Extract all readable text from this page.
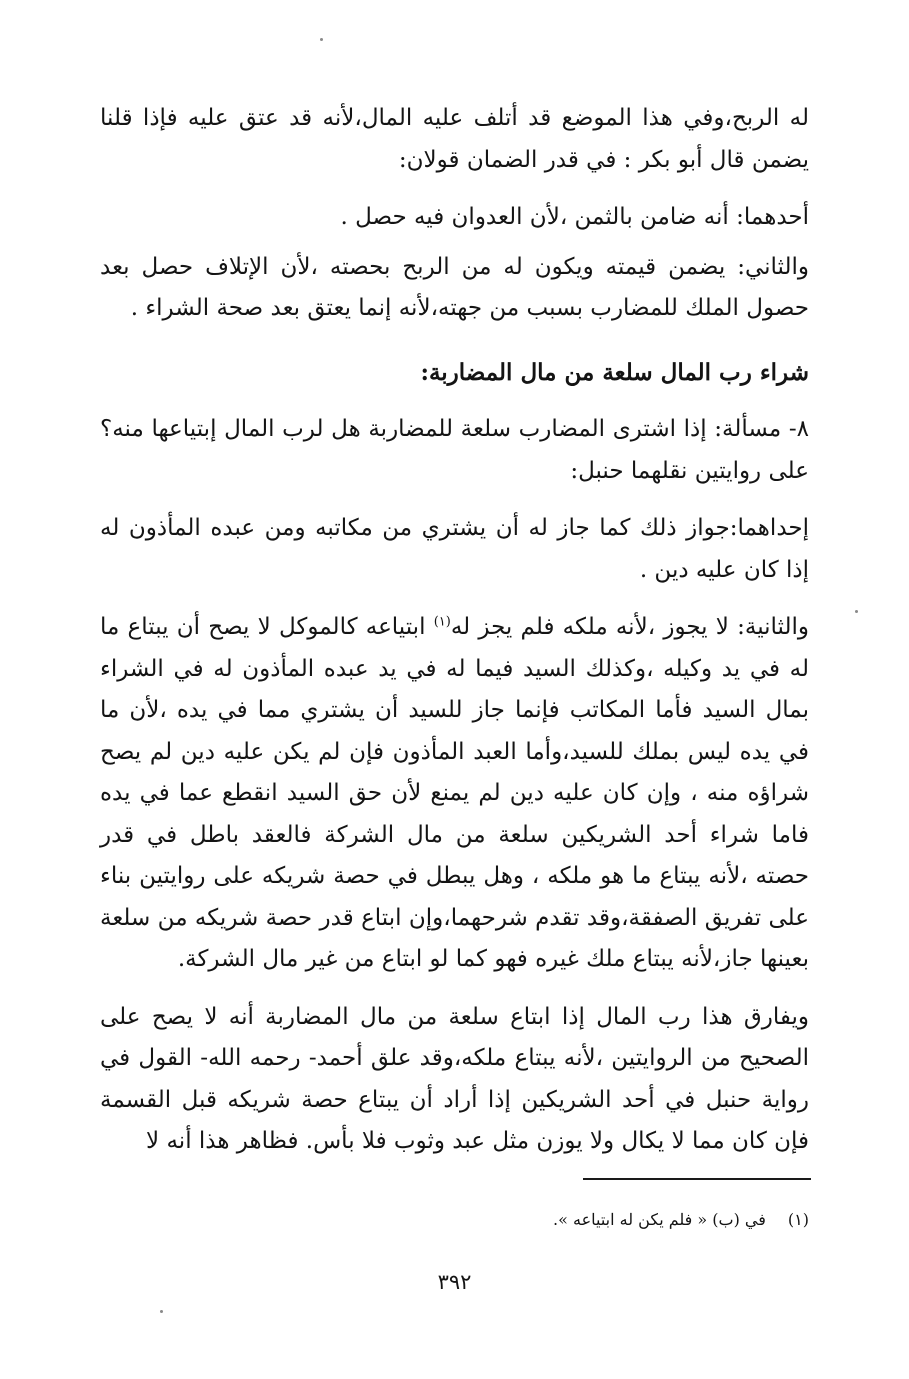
له الربح،وفي هذا الموضع قد أتلف عليه المال،لأنه قد عتق عليه فإذا قلنا يضمن قال أبو بكر : في قدر الضمان قولان:

أحدهما: أنه ضامن بالثمن ،لأن العدوان فيه حصل .

والثاني: يضمن قيمته ويكون له من الربح بحصته ،لأن الإتلاف حصل بعد حصول الملك للمضارب بسبب من جهته،لأنه إنما يعتق بعد صحة الشراء .

شراء رب المال سلعة من مال المضاربة:

٨- مسألة: إذا اشترى المضارب سلعة للمضاربة هل لرب المال إبتياعها منه؟ على روايتين نقلهما حنبل:

إحداهما:جواز ذلك كما جاز له أن يشتري من مكاتبه ومن عبده المأذون له إذا كان عليه دين .

والثانية: لا يجوز ،لأنه ملكه فلم يجز له$^{(١)}$ ابتياعه كالموكل لا يصح أن يبتاع ما له في يد وكيله ،وكذلك السيد فيما له في يد عبده المأذون له في الشراء بمال السيد فأما المكاتب فإنما جاز للسيد أن يشتري مما في يده ،لأن ما في يده ليس بملك للسيد،وأما العبد المأذون فإن لم يكن عليه دين لم يصح شراؤه منه ، وإن كان عليه دين لم يمنع لأن حق السيد انقطع عما في يده فاما شراء أحد الشريكين سلعة من مال الشركة فالعقد باطل في قدر حصته ،لأنه يبتاع ما هو ملكه ، وهل يبطل في حصة شريكه على روايتين بناء على تفريق الصفقة،وقد تقدم شرحهما،وإن ابتاع قدر حصة شريكه من سلعة بعينها جاز،لأنه يبتاع ملك غيره فهو كما لو ابتاع من غير مال الشركة.

ويفارق هذا رب المال إذا ابتاع سلعة من مال المضاربة أنه لا يصح على الصحيح من الروايتين ،لأنه يبتاع ملكه،وقد علق أحمد- رحمه الله- القول في رواية حنبل في أحد الشريكين إذا أراد أن يبتاع حصة شريكه قبل القسمة فإن كان مما لا يكال ولا يوزن مثل عبد وثوب فلا بأس. فظاهر هذا أنه لا

(١)في (ب) « فلم يكن له ابتياعه ».
٣٩٢
